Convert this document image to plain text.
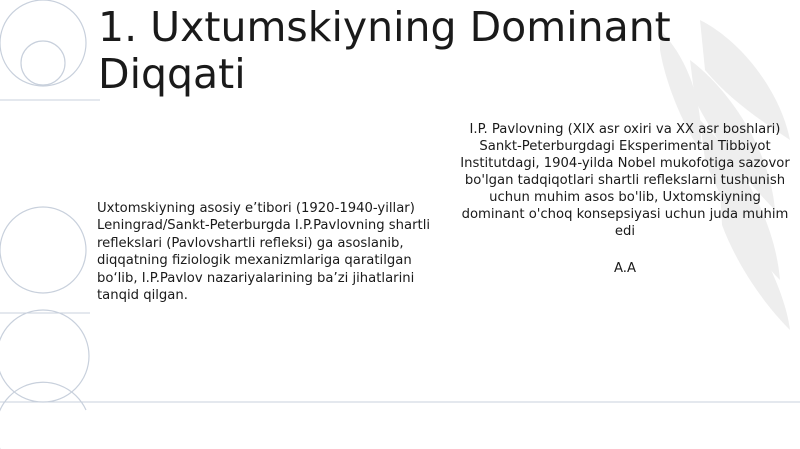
1. Uxtumskiyning Dominant Diqqati

Uxtomskiyning asosiy e’tibori (1920-1940-yillar) Leningrad/Sankt-Peterburgda I.P.Pavlovning shartli reflekslari (Pavlovshartli refleksi) ga asoslanib, diqqatning fiziologik mexanizmlariga qaratilgan bo‘lib, I.P.Pavlov nazariyalarining ba’zi jihatlarini tanqid qilgan.

I.P. Pavlovning (XIX asr oxiri va XX asr boshlari) Sankt-Peterburgdagi Eksperimental Tibbiyot Institutdagi, 1904-yilda Nobel mukofotiga sazovor bo'lgan tadqiqotlari shartli reflekslarni tushunish uchun muhim asos bo'lib, Uxtomskiyning dominant o'choq konsepsiyasi uchun juda muhim edi

A.A
